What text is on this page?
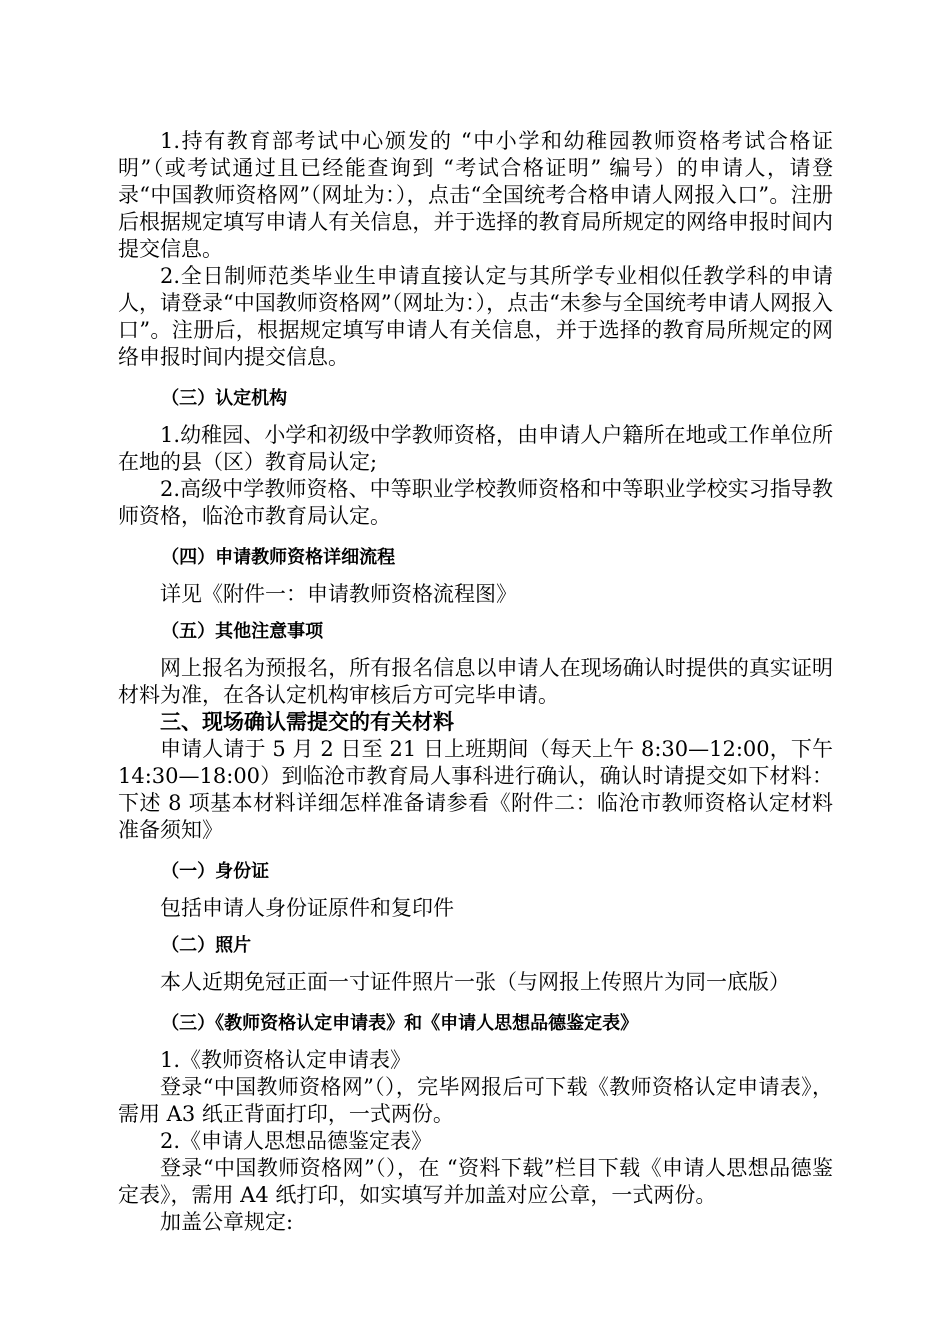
1.持有教育部考试中心颁发的 “中小学和幼稚园教师资格考试合格证明”（或考试通过且已经能查询到 “考试合格证明” 编号）的申请人，请登录“中国教师资格网”（网址为：），点击“全国统考合格申请人网报入口”。注册后根据规定填写申请人有关信息，并于选择的教育局所规定的网络申报时间内提交信息。

2.全日制师范类毕业生申请直接认定与其所学专业相似任教学科的申请人，请登录“中国教师资格网”（网址为：），点击“未参与全国统考申请人网报入口”。注册后，根据规定填写申请人有关信息，并于选择的教育局所规定的网络申报时间内提交信息。

（三）认定机构

1.幼稚园、小学和初级中学教师资格，由申请人户籍所在地或工作单位所在地的县（区）教育局认定;

2.高级中学教师资格、中等职业学校教师资格和中等职业学校实习指导教师资格，临沧市教育局认定。

（四）申请教师资格详细流程

详见《附件一：申请教师资格流程图》

（五）其他注意事项

网上报名为预报名，所有报名信息以申请人在现场确认时提供的真实证明材料为准，在各认定机构审核后方可完毕申请。

三、现场确认需提交的有关材料

申请人请于 5 月 2 日至 21 日上班期间（每天上午 8:30—12:00，下午 14:30—18:00）到临沧市教育局人事科进行确认，确认时请提交如下材料：下述 8 项基本材料详细怎样准备请参看《附件二：临沧市教师资格认定材料准备须知》

（一）身份证

包括申请人身份证原件和复印件

（二）照片

本人近期免冠正面一寸证件照片一张（与网报上传照片为同一底版）

（三）《教师资格认定申请表》和《申请人思想品德鉴定表》

1.《教师资格认定申请表》

登录“中国教师资格网”（），完毕网报后可下载《教师资格认定申请表》，需用 A3 纸正背面打印，一式两份。

2.《申请人思想品德鉴定表》

登录“中国教师资格网”（），在 “资料下载”栏目下载《申请人思想品德鉴定表》，需用 A4 纸打印，如实填写并加盖对应公章，一式两份。

加盖公章规定:
